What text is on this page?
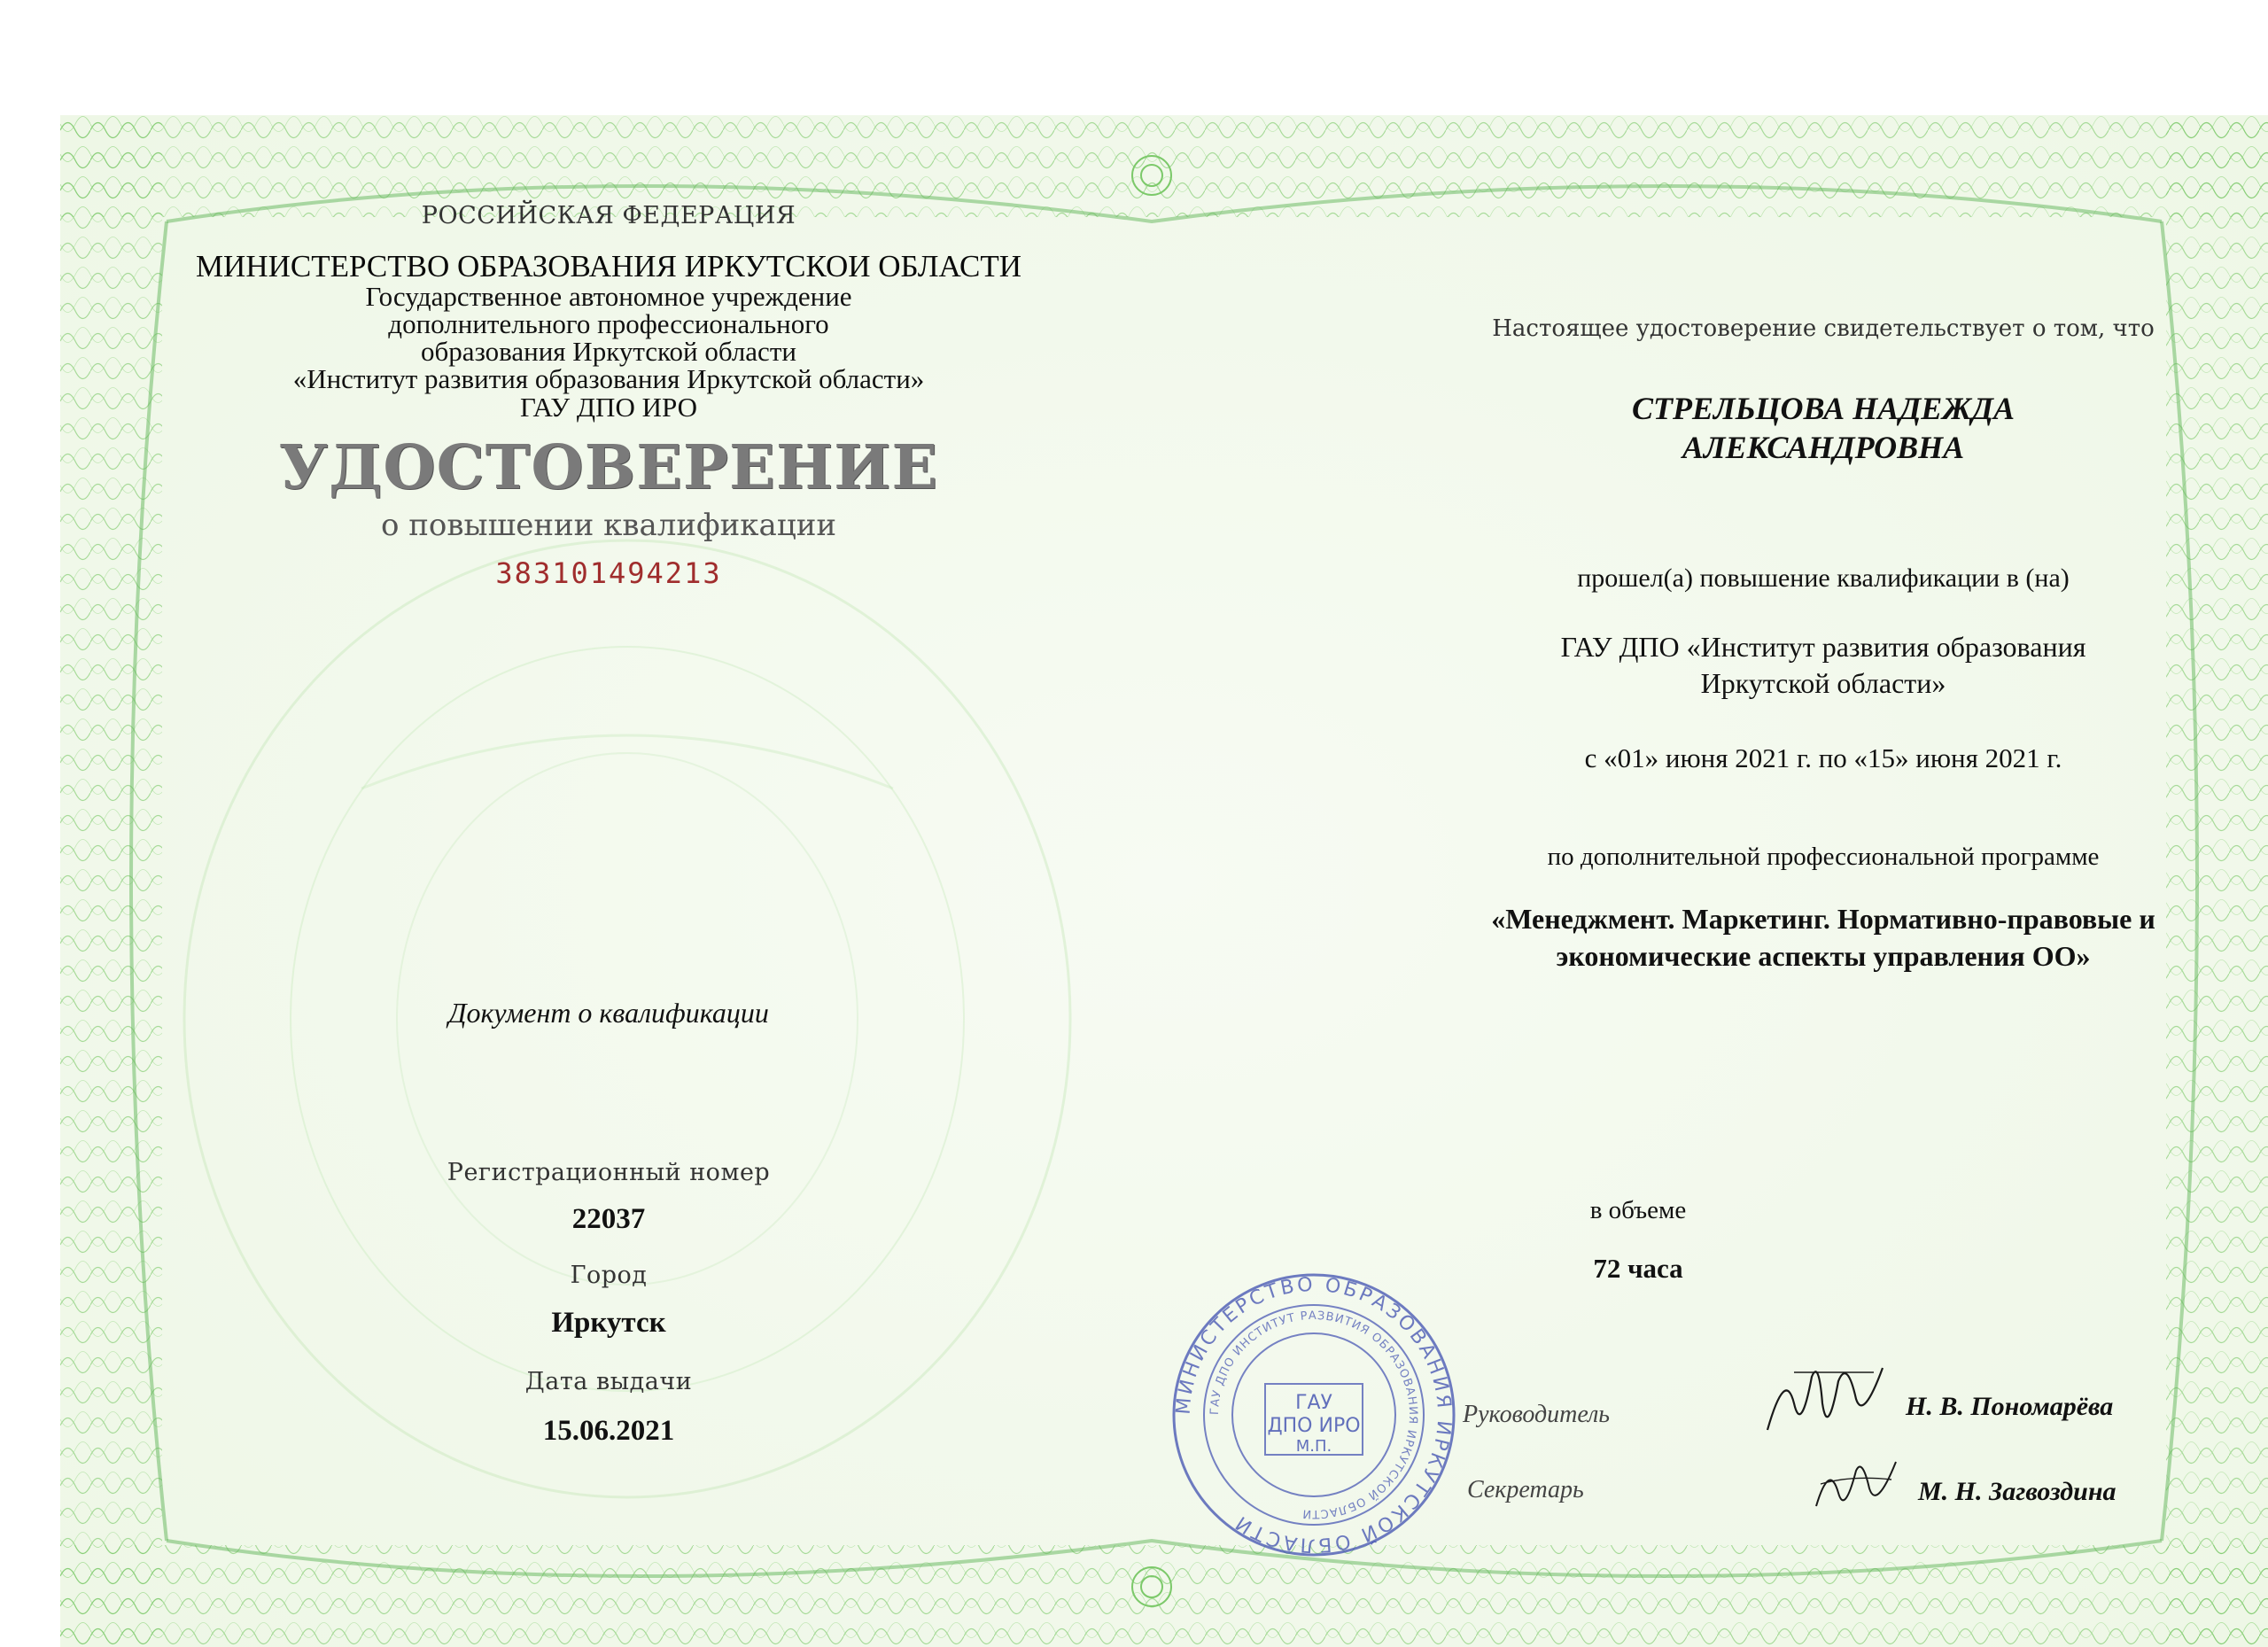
РОССИЙСКАЯ ФЕДЕРАЦИЯ
МИНИСТЕРСТВО ОБРАЗОВАНИЯ ИРКУТСКОИ ОБЛАСТИ
Государственное автономное учреждение
дополнительного профессионального
образования Иркутской области
«Институт развития образования Иркутской области»
ГАУ ДПО ИРО
УДОСТОВЕРЕНИЕ
о повышении квалификации
383101494213
Документ о квалификации
Регистрационный номер
22037
Город
Иркутск
Дата выдачи
15.06.2021
Настоящее удостоверение свидетельствует о том, что
СТРЕЛЬЦОВА НАДЕЖДА
АЛЕКСАНДРОВНА
прошел(а) повышение квалификации в (на)
ГАУ ДПО «Институт развития образования
Иркутской области»
с «01» июня 2021 г. по «15» июня 2021 г.
по дополнительной профессиональной программе
«Менеджмент. Маркетинг. Нормативно-правовые и
экономические аспекты управления ОО»
в объеме
72 часа
МИНИСТЕРСТВО ОБРАЗОВАНИЯ ИРКУТСКОЙ ОБЛАСТИ
ГАУ ДПО ИНСТИТУТ РАЗВИТИЯ ОБРАЗОВАНИЯ ИРКУТСКОЙ ОБЛАСТИ
ГАУ
ДПО ИРО
М.П.
Руководитель
Секретарь
Н. В. Пономарёва
М. Н. Загвоздина
